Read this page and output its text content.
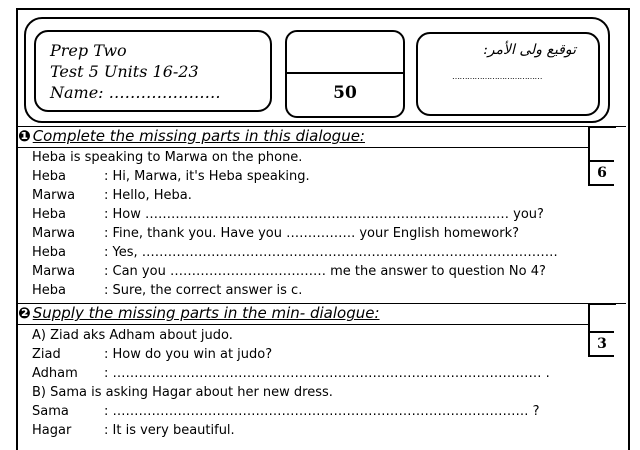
Prep Two
Test 5 Units 16-23
Name: …………………	50
توقيع ولى الأمر:
………………………………
❶ Complete the missing parts in this dialogue:
6
Heba is speaking to Marwa on the phone.
Heba	: Hi, Marwa, it's Heba speaking.
Marwa : Hello, Heba.
Heba	: How ………………………………………………………………………… you?
Marwa : Fine, thank you. Have you ……………. your English homework?
Heba	: Yes, ……………………………………………………………………………………
Marwa : Can you ……………………………… me the answer to question No 4?
Heba	: Sure, the correct answer is c.
❷ Supply the missing parts in the min- dialogue:
3
A) Ziad aks Adham about judo.
Ziad	: How do you win at judo?
Adham : ……………………………………………………………………………………… .
B) Sama is asking Hagar about her new dress.
Sama	: …………………………………………………………………………………… ?
Hagar	: It is very beautiful.
